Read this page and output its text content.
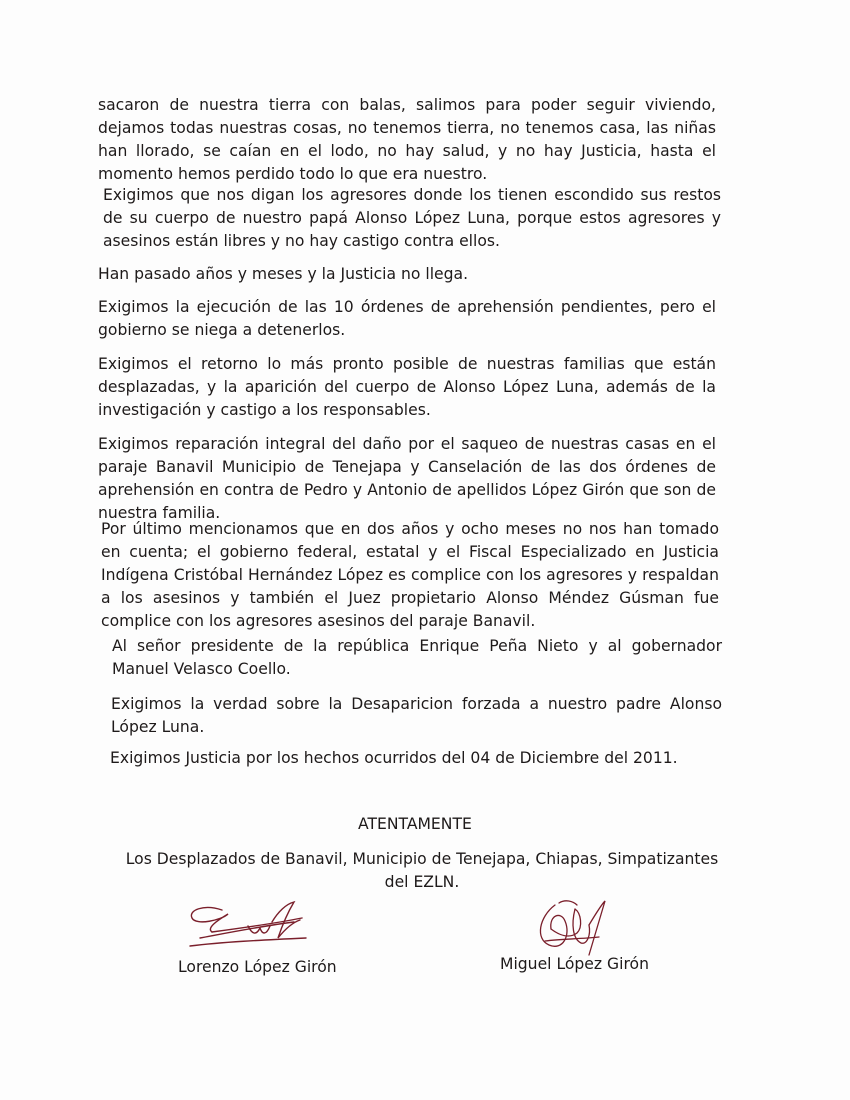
sacaron de nuestra tierra con balas, salimos para poder seguir viviendo, dejamos todas nuestras cosas, no tenemos tierra, no tenemos casa, las niñas han llorado, se caían en el lodo, no hay salud, y no hay Justicia, hasta el momento hemos perdido todo lo que era nuestro.

Exigimos que nos digan los agresores donde los tienen escondido sus restos de su cuerpo de nuestro papá Alonso López Luna, porque estos agresores y asesinos están libres y no hay castigo contra ellos.

Han pasado años y meses y la Justicia no llega.

Exigimos la ejecución de las 10 órdenes de aprehensión pendientes, pero el gobierno se niega a detenerlos.

Exigimos el retorno lo más pronto posible de nuestras familias que están desplazadas, y la aparición del cuerpo de Alonso López Luna, además de la investigación y castigo a los responsables.

Exigimos reparación integral del daño por el saqueo de nuestras casas en el paraje Banavil Municipio de Tenejapa y Canselación de las dos órdenes de aprehensión en contra de Pedro y Antonio de apellidos López Girón que son de nuestra familia.

Por último mencionamos que en dos años y ocho meses no nos han tomado en cuenta; el gobierno federal, estatal y el Fiscal Especializado en Justicia Indígena Cristóbal Hernández López es complice con los agresores y respaldan a los asesinos y también el Juez propietario Alonso Méndez Gúsman fue complice con los agresores asesinos del paraje Banavil.

Al señor presidente de la república Enrique Peña Nieto y al gobernador Manuel Velasco Coello.

Exigimos la verdad sobre la Desaparicion forzada a nuestro padre Alonso López Luna.

Exigimos Justicia por los hechos ocurridos del 04 de Diciembre del 2011.

ATENTAMENTE

Los Desplazados de Banavil, Municipio de Tenejapa, Chiapas, Simpatizantes del EZLN.

Lorenzo López Girón	Miguel López Girón
